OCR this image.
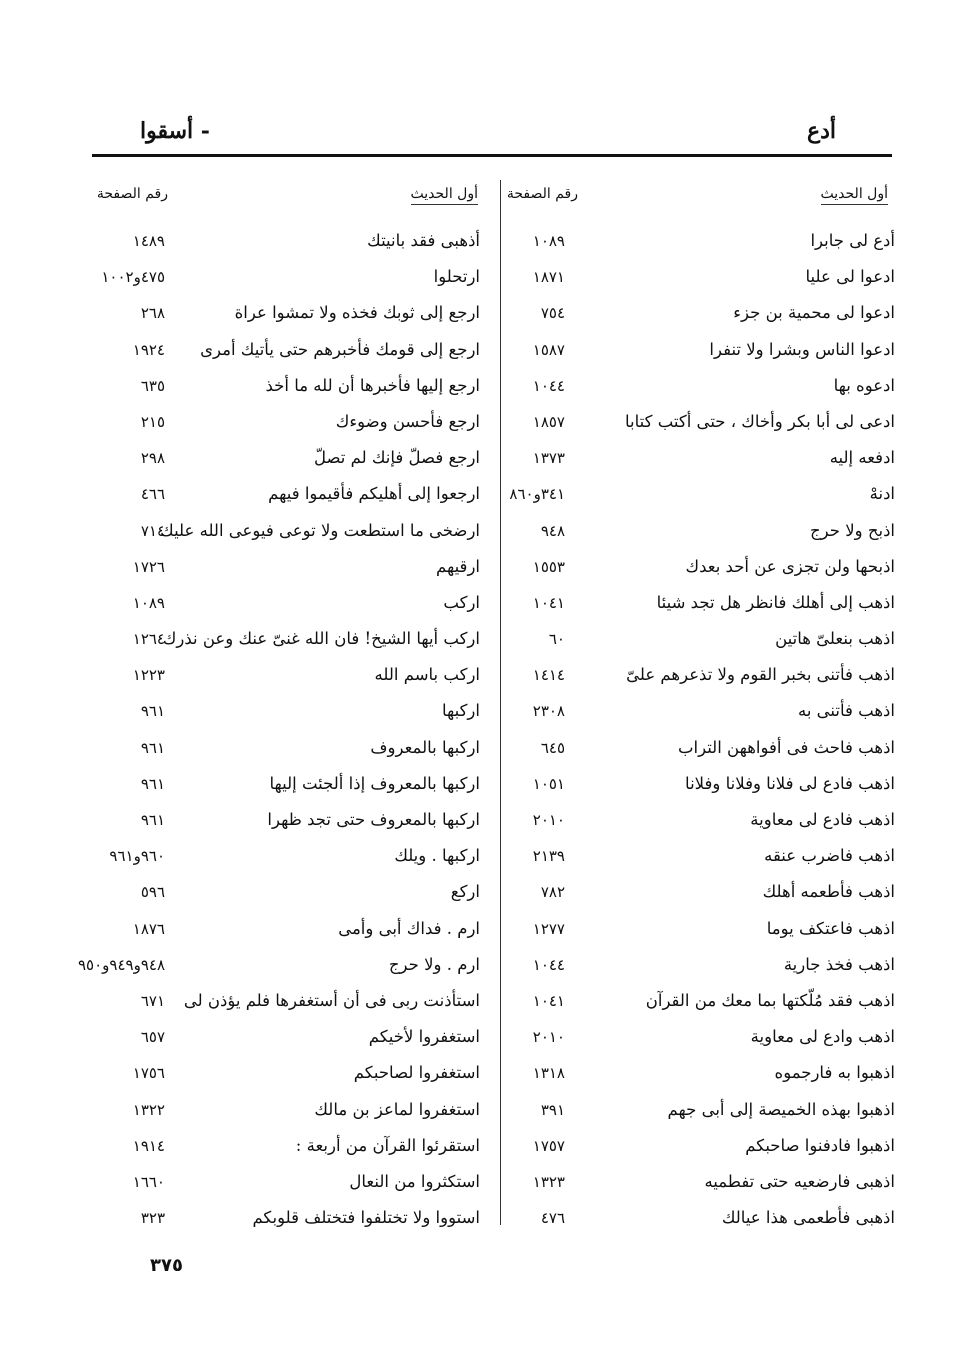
أدع
- أسقوا
أول الحديث
رقم الصفحة
أول الحديث
رقم الصفحة
أدع لى جابرا
١٠٨٩
ادعوا لى عليا
١٨٧١
ادعوا لى محمية بن جزء
٧٥٤
ادعوا الناس وبشرا ولا تنفرا
١٥٨٧
ادعوه بها
١٠٤٤
ادعى لى أبا بكر وأخاك ، حتى أكتب كتابا
١٨٥٧
ادفعه إليه
١٣٧٣
ادنهْ
٣٤١و٨٦٠
اذبح ولا حرج
٩٤٨
اذبحها ولن تجزى عن أحد بعدك
١٥٥٣
اذهب إلى أهلك فانظر هل تجد شيئا
١٠٤١
اذهب بنعلىّ هاتين
٦٠
اذهب فأتنى بخبر القوم ولا تذعرهم علىّ
١٤١٤
اذهب فأتنى به
٢٣٠٨
اذهب فاحث فى أفواههن التراب
٦٤٥
اذهب فادع لى فلانا وفلانا وفلانا
١٠٥١
اذهب فادع لى معاوية
٢٠١٠
اذهب فاضرب عنقه
٢١٣٩
اذهب فأطعمه أهلك
٧٨٢
اذهب فاعتكف يوما
١٢٧٧
اذهب فخذ جارية
١٠٤٤
اذهب فقد مُلّكتها بما معك من القرآن
١٠٤١
اذهب وادع لى معاوية
٢٠١٠
اذهبوا به فارجموه
١٣١٨
اذهبوا بهذه الخميصة إلى أبى جهم
٣٩١
اذهبوا فادفنوا صاحبكم
١٧٥٧
اذهبى فارضعيه حتى تفطميه
١٣٢٣
اذهبى فأطعمى هذا عيالك
٤٧٦
أذهبى فقد بانيتك
١٤٨٩
ارتحلوا
٤٧٥و١٠٠٢
ارجع إلى ثوبك فخذه ولا تمشوا عراة
٢٦٨
ارجع إلى قومك فأخبرهم حتى يأتيك أمرى
١٩٢٤
ارجع إليها فأخبرها أن لله ما أخذ
٦٣٥
ارجع فأحسن وضوءك
٢١٥
ارجع فصلّ فإنك لم تصلّ
٢٩٨
ارجعوا إلى أهليكم فأقيموا فيهم
٤٦٦
ارضخى ما استطعت ولا توعى فيوعى الله عليك
٧١٤
ارقيهم
١٧٢٦
اركب
١٠٨٩
اركب أيها الشيخ! فان الله غنىّ عنك وعن نذرك
١٢٦٤
اركب باسم الله
١٢٢٣
اركبها
٩٦١
اركبها بالمعروف
٩٦١
اركبها بالمعروف إذا ألجئت إليها
٩٦١
اركبها بالمعروف حتى تجد ظهرا
٩٦١
اركبها . ويلك
٩٦٠و٩٦١
اركع
٥٩٦
ارم . فداك أبى وأمى
١٨٧٦
ارم . ولا حرج
٩٤٨و٩٤٩و٩٥٠
استأذنت ربى فى أن أستغفرها فلم يؤذن لى
٦٧١
استغفروا لأخيكم
٦٥٧
استغفروا لصاحبكم
١٧٥٦
استغفروا لماعز بن مالك
١٣٢٢
استقرئوا القرآن من أربعة :
١٩١٤
استكثروا من النعال
١٦٦٠
استووا ولا تختلفوا فتختلف قلوبكم
٣٢٣
٣٧٥
